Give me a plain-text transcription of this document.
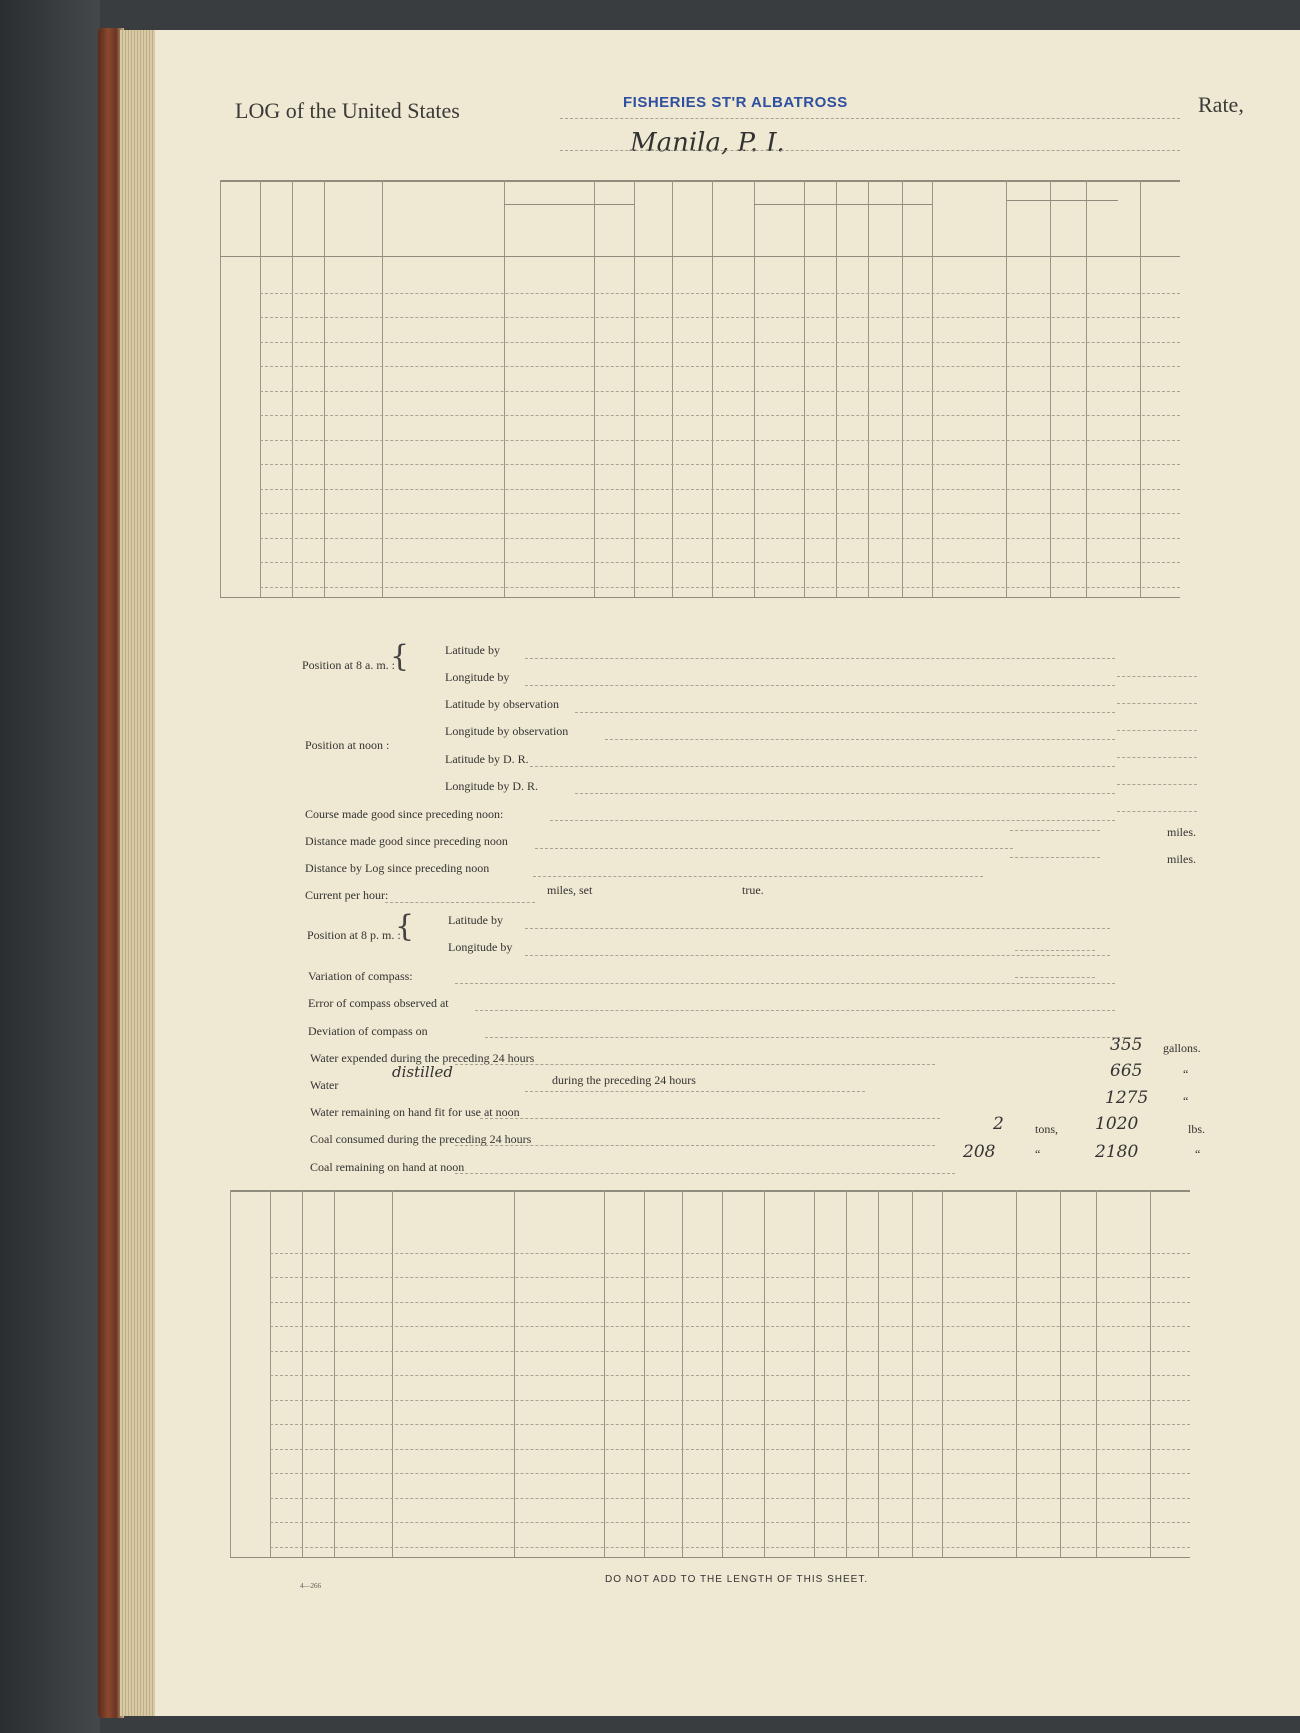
LOG of the United States	FISHERIES ST'R ALBATROSS	Rate,
Manila, P. I.
Position at 8 a. m. :
{	Latitude by
Longitude by
Position at noon :
Latitude by observation
Longitude by observation
Latitude by D. R.
Longitude by D. R.
Course made good since preceding noon:
Distance made good since preceding noon
miles.
Distance by Log since preceding noon
miles.
Current per hour:	miles, set	true.
Position at 8 p. m. :
{	Latitude by
Longitude by
Variation of compass:
Error of compass observed at
Deviation of compass on
Water expended during the preceding 24 hours
355 gallons.
Water
distilled	during the preceding 24 hours	665	“
Water remaining on hand fit for use at noon
1275	“
Coal consumed during the preceding 24 hours
2	tons, 1020	lbs.
Coal remaining on hand at noon
208	“	2180	“
4—266
DO NOT ADD TO THE LENGTH OF THIS SHEET.
